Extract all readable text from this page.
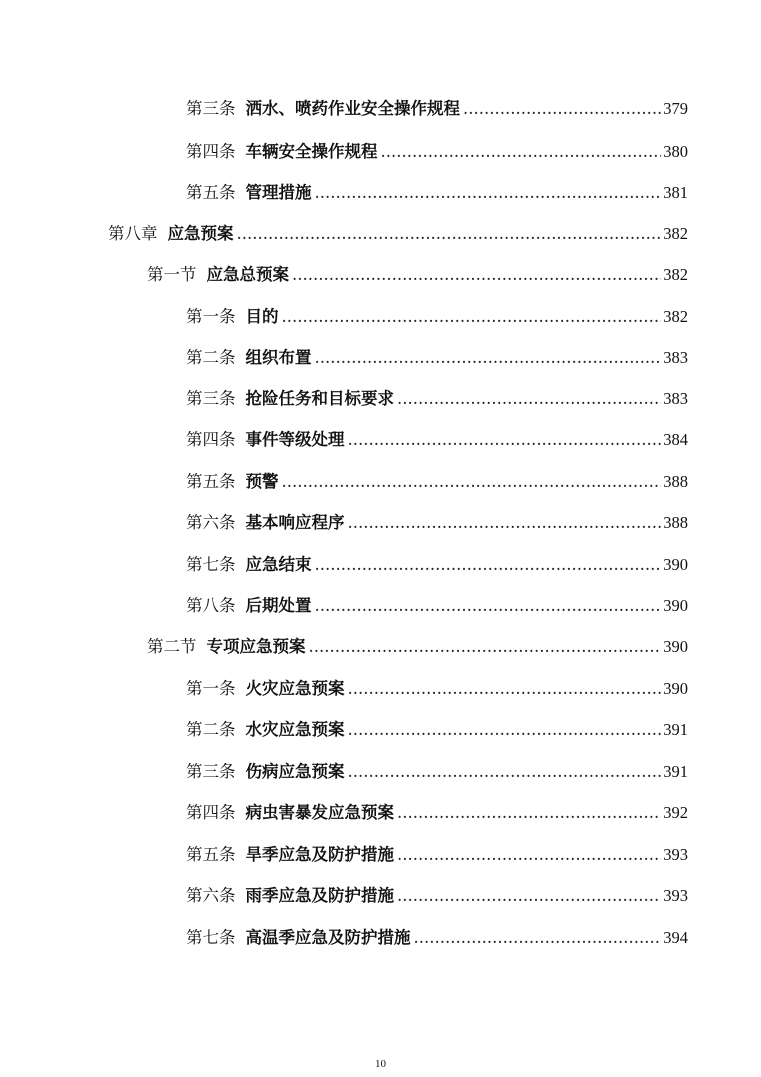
第三条 洒水、喷药作业安全操作规程 .....	379
第四条 车辆安全操作规程 .....	380
第五条 管理措施 .....	381
第八章 应急预案 .....	382
第一节 应急总预案 .....	382
第一条 目的 .....	382
第二条 组织布置 .....	383
第三条 抢险任务和目标要求 .....	383
第四条 事件等级处理 .....	384
第五条 预警 .....	388
第六条 基本响应程序 .....	388
第七条 应急结束 .....	390
第八条 后期处置 .....	390
第二节 专项应急预案 .....	390
第一条 火灾应急预案 .....	390
第二条 水灾应急预案 .....	391
第三条 伤病应急预案 .....	391
第四条 病虫害暴发应急预案 .....	392
第五条 旱季应急及防护措施 .....	393
第六条 雨季应急及防护措施 .....	393
第七条 高温季应急及防护措施 .....	394
10
